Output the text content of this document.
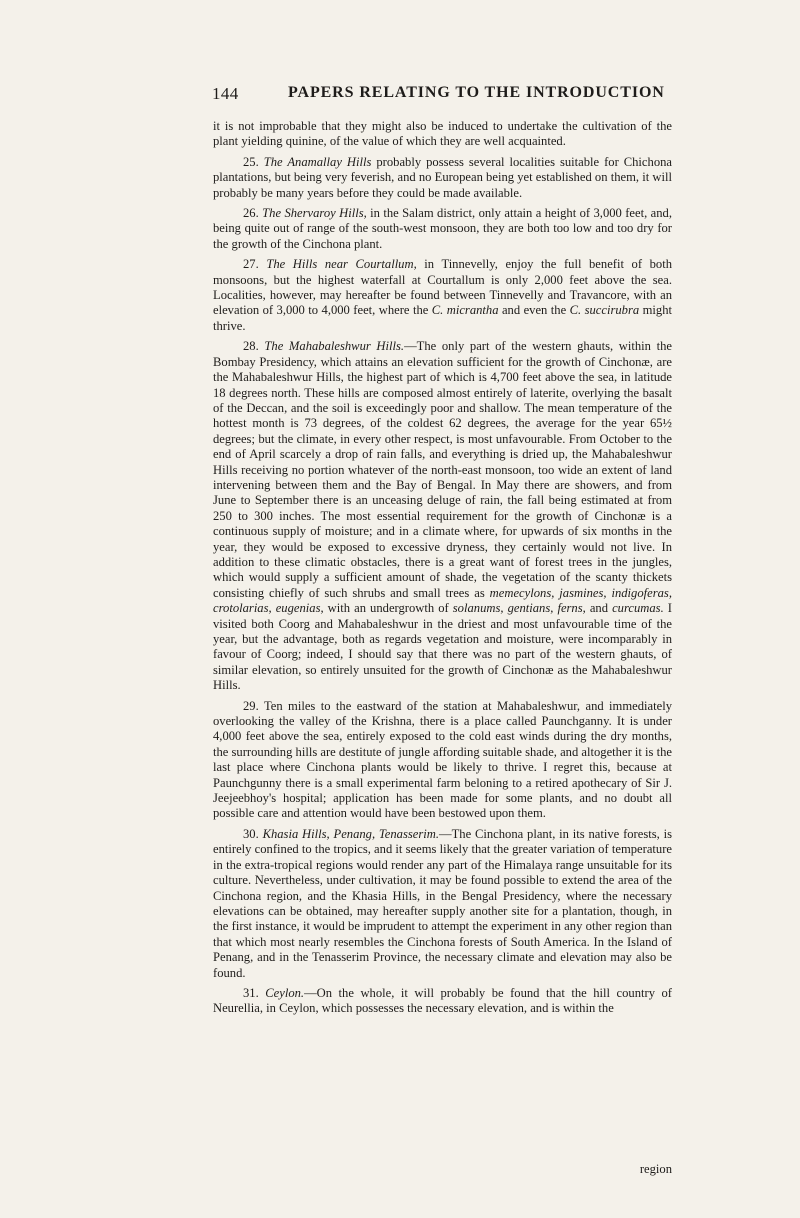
144	PAPERS RELATING TO THE INTRODUCTION

it is not improbable that they might also be induced to undertake the cultivation of the plant yielding quinine, of the value of which they are well acquainted.

25. The Anamallay Hills probably possess several localities suitable for Chichona plantations, but being very feverish, and no European being yet established on them, it will probably be many years before they could be made available.

26. The Shervaroy Hills, in the Salam district, only attain a height of 3,000 feet, and, being quite out of range of the south-west monsoon, they are both too low and too dry for the growth of the Cinchona plant.

27. The Hills near Courtallum, in Tinnevelly, enjoy the full benefit of both monsoons, but the highest waterfall at Courtallum is only 2,000 feet above the sea. Localities, however, may hereafter be found between Tinnevelly and Travancore, with an elevation of 3,000 to 4,000 feet, where the C. micrantha and even the C. succirubra might thrive.

28. The Mahabaleshwur Hills.—The only part of the western ghauts, within the Bombay Presidency, which attains an elevation sufficient for the growth of Cinchonæ, are the Mahabaleshwur Hills, the highest part of which is 4,700 feet above the sea, in latitude 18 degrees north. These hills are composed almost entirely of laterite, overlying the basalt of the Deccan, and the soil is exceedingly poor and shallow. The mean temperature of the hottest month is 73 degrees, of the coldest 62 degrees, the average for the year 65½ degrees; but the climate, in every other respect, is most unfavourable. From October to the end of April scarcely a drop of rain falls, and everything is dried up, the Mahabaleshwur Hills receiving no portion whatever of the north-east monsoon, too wide an extent of land intervening between them and the Bay of Bengal. In May there are showers, and from June to September there is an unceasing deluge of rain, the fall being estimated at from 250 to 300 inches. The most essential requirement for the growth of Cinchonæ is a continuous supply of moisture; and in a climate where, for upwards of six months in the year, they would be exposed to excessive dryness, they certainly would not live. In addition to these climatic obstacles, there is a great want of forest trees in the jungles, which would supply a sufficient amount of shade, the vegetation of the scanty thickets consisting chiefly of such shrubs and small trees as memecylons, jasmines, indigoferas, crotolarias, eugenias, with an undergrowth of solanums, gentians, ferns, and curcumas. I visited both Coorg and Mahabaleshwur in the driest and most unfavourable time of the year, but the advantage, both as regards vegetation and moisture, were incomparably in favour of Coorg; indeed, I should say that there was no part of the western ghauts, of similar elevation, so entirely unsuited for the growth of Cinchonæ as the Mahabaleshwur Hills.

29. Ten miles to the eastward of the station at Mahabaleshwur, and immediately overlooking the valley of the Krishna, there is a place called Paunchganny. It is under 4,000 feet above the sea, entirely exposed to the cold east winds during the dry months, the surrounding hills are destitute of jungle affording suitable shade, and altogether it is the last place where Cinchona plants would be likely to thrive. I regret this, because at Paunchgunny there is a small experimental farm beloning to a retired apothecary of Sir J. Jeejeebhoy's hospital; application has been made for some plants, and no doubt all possible care and attention would have been bestowed upon them.

30. Khasia Hills, Penang, Tenasserim.—The Cinchona plant, in its native forests, is entirely confined to the tropics, and it seems likely that the greater variation of temperature in the extra-tropical regions would render any part of the Himalaya range unsuitable for its culture. Nevertheless, under cultivation, it may be found possible to extend the area of the Cinchona region, and the Khasia Hills, in the Bengal Presidency, where the necessary elevations can be obtained, may hereafter supply another site for a plantation, though, in the first instance, it would be imprudent to attempt the experiment in any other region than that which most nearly resembles the Cinchona forests of South America. In the Island of Penang, and in the Tenasserim Province, the necessary climate and elevation may also be found.

31. Ceylon.—On the whole, it will probably be found that the hill country of Neurellia, in Ceylon, which possesses the necessary elevation, and is within the

region
